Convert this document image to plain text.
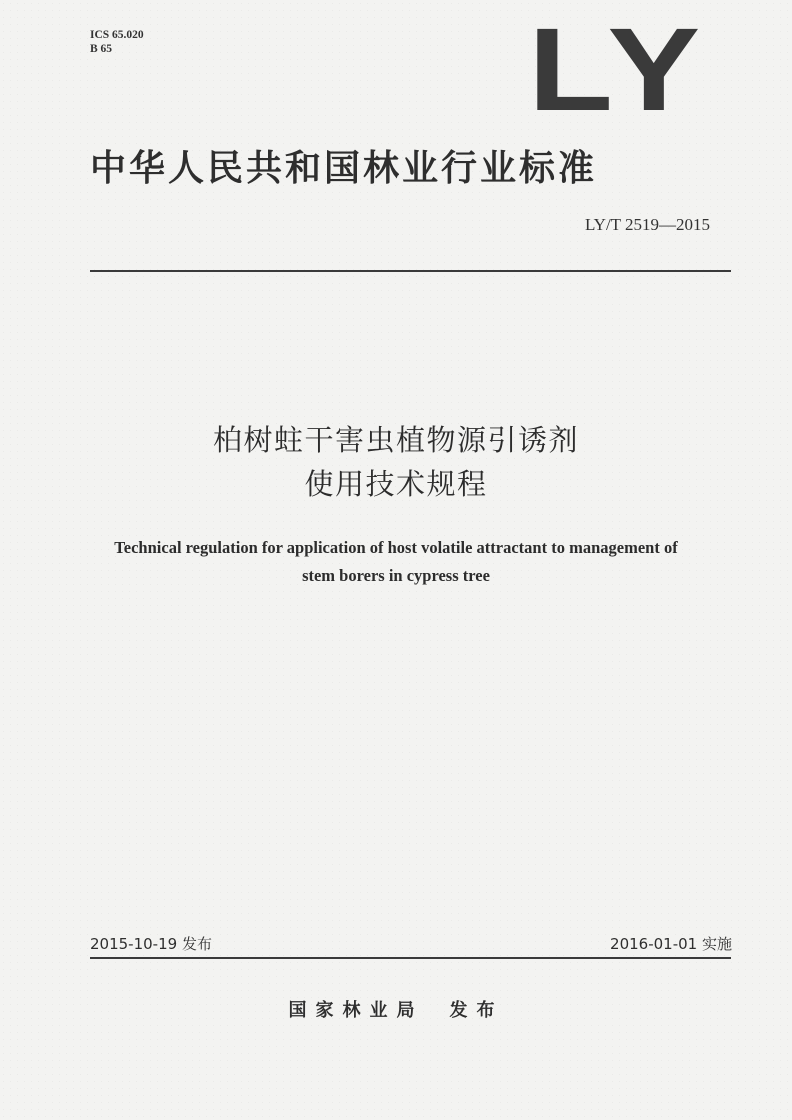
ICS 65.020
B 65	LY
中华人民共和国林业行业标准
LY/T 2519—2015
柏树蛀干害虫植物源引诱剂
使用技术规程
Technical regulation for application of host volatile attractant to management of
stem borers in cypress tree
2015-10-19 发布	2016-01-01 实施
国家林业局 发布
